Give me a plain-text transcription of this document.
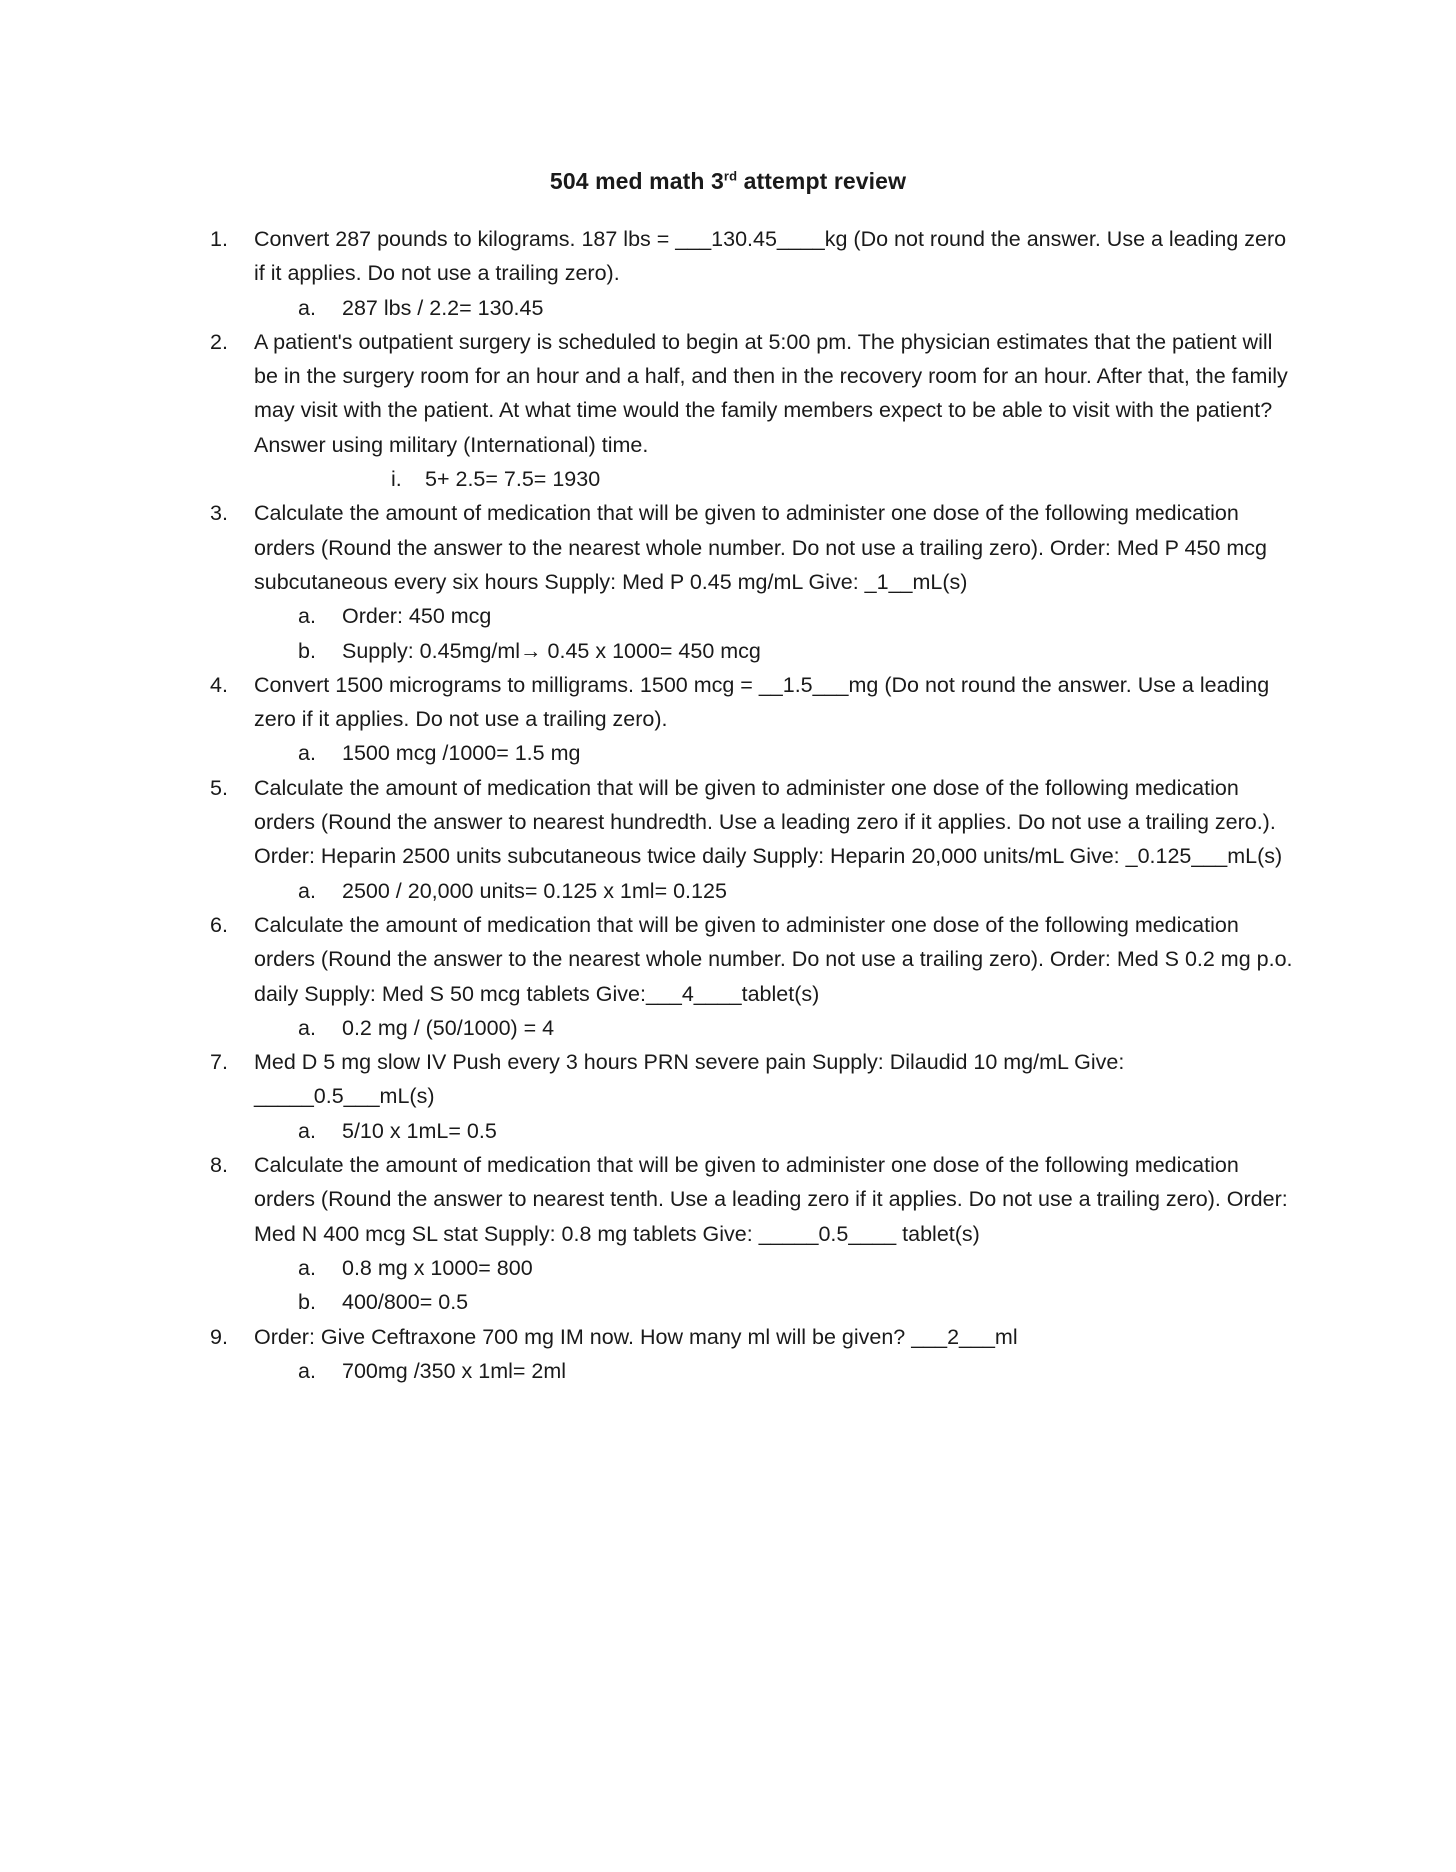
504 med math 3rd attempt review
1. Convert 287 pounds to kilograms. 187 lbs = ___130.45____kg (Do not round the answer. Use a leading zero if it applies. Do not use a trailing zero).
a. 287 lbs / 2.2= 130.45
2. A patient's outpatient surgery is scheduled to begin at 5:00 pm. The physician estimates that the patient will be in the surgery room for an hour and a half, and then in the recovery room for an hour. After that, the family may visit with the patient. At what time would the family members expect to be able to visit with the patient? Answer using military (International) time.
i. 5+ 2.5= 7.5= 1930
3. Calculate the amount of medication that will be given to administer one dose of the following medication orders (Round the answer to the nearest whole number. Do not use a trailing zero). Order: Med P 450 mcg subcutaneous every six hours Supply: Med P 0.45 mg/mL Give: _1__mL(s)
a. Order: 450 mcg
b. Supply: 0.45mg/ml→ 0.45 x 1000= 450 mcg
4. Convert 1500 micrograms to milligrams. 1500 mcg = __1.5___mg (Do not round the answer. Use a leading zero if it applies. Do not use a trailing zero).
a. 1500 mcg /1000= 1.5 mg
5. Calculate the amount of medication that will be given to administer one dose of the following medication orders (Round the answer to nearest hundredth. Use a leading zero if it applies. Do not use a trailing zero.). Order: Heparin 2500 units subcutaneous twice daily Supply: Heparin 20,000 units/mL Give: _0.125___mL(s)
a. 2500 / 20,000 units= 0.125 x 1ml= 0.125
6. Calculate the amount of medication that will be given to administer one dose of the following medication orders (Round the answer to the nearest whole number. Do not use a trailing zero). Order: Med S 0.2 mg p.o. daily Supply: Med S 50 mcg tablets Give:___4____tablet(s)
a. 0.2 mg / (50/1000) = 4
7. Med D 5 mg slow IV Push every 3 hours PRN severe pain Supply: Dilaudid 10 mg/mL Give: _____0.5___mL(s)
a. 5/10 x 1mL= 0.5
8. Calculate the amount of medication that will be given to administer one dose of the following medication orders (Round the answer to nearest tenth. Use a leading zero if it applies. Do not use a trailing zero). Order: Med N 400 mcg SL stat Supply: 0.8 mg tablets Give: _____0.5____ tablet(s)
a. 0.8 mg x 1000= 800
b. 400/800= 0.5
9. Order: Give Ceftraxone 700 mg IM now. How many ml will be given? ___2___ml
a. 700mg /350 x 1ml= 2ml
